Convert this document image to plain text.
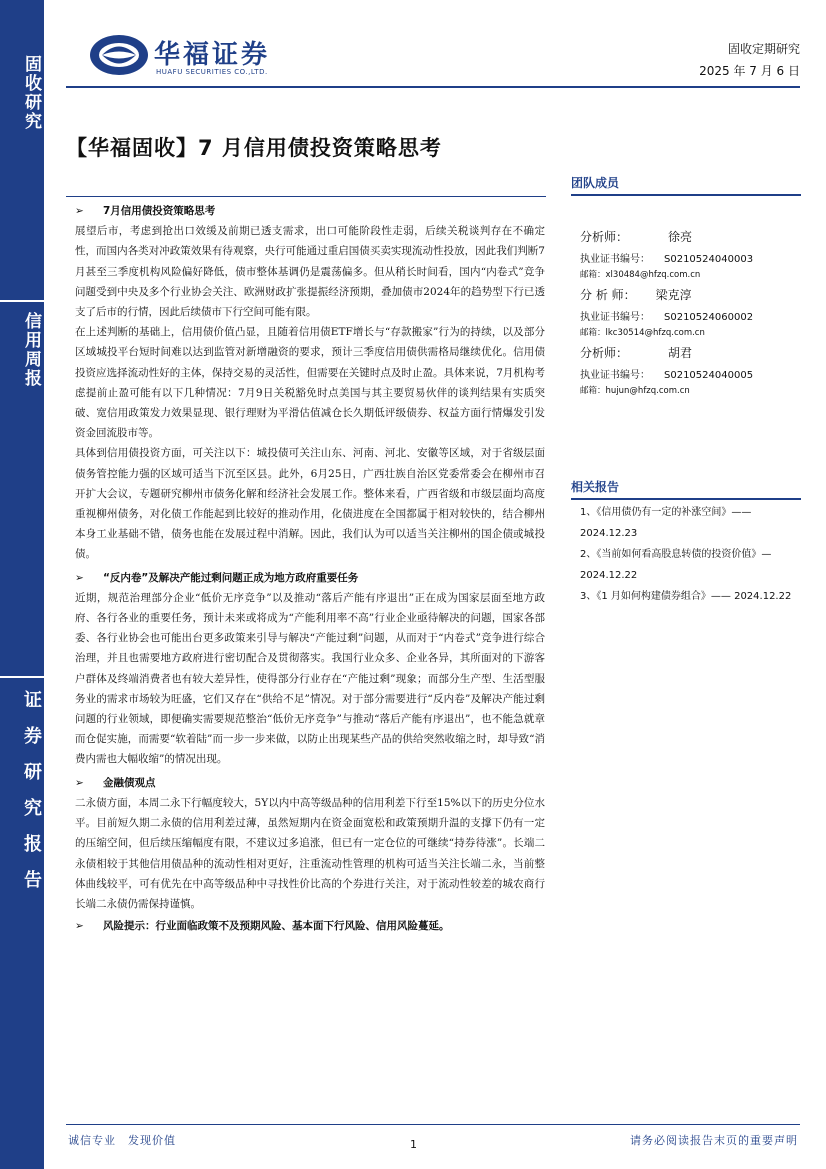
固收研究
信用周报
证券研究报告
华福证券
HUAFU SECURITIES CO.,LTD.
固收定期研究
2025 年 7 月 6 日
【华福固收】7 月信用债投资策略思考
➢ 7月信用债投资策略思考

展望后市，考虑到抢出口效缓及前期已透支需求，出口可能阶段性走弱，后续关税谈判存在不确定性，而国内各类对冲政策效果有待观察，央行可能通过重启国债买卖实现流动性投放，因此我们判断7月甚至三季度机构风险偏好降低，债市整体基调仍是震荡偏多。但从稍长时间看，国内“内卷式”竞争问题受到中央及多个行业协会关注、欧洲财政扩张提振经济预期，叠加债市2024年的趋势型下行已透支了后市的行情，因此后续债市下行空间可能有限。

在上述判断的基础上，信用债价值凸显，且随着信用债ETF增长与“存款搬家”行为的持续，以及部分区域城投平台短时间难以达到监管对新增融资的要求，预计三季度信用债供需格局继续优化。信用债投资应选择流动性好的主体，保持交易的灵活性，但需要在关键时点及时止盈。具体来说，7月机构考虑提前止盈可能有以下几种情况：7月9日关税豁免时点美国与其主要贸易伙伴的谈判结果有实质突破、宽信用政策发力效果显现、银行理财为平滑估值减仓长久期低评级债券、权益方面行情爆发引发资金回流股市等。

具体到信用债投资方面，可关注以下：城投债可关注山东、河南、河北、安徽等区域，对于省级层面债务管控能力强的区域可适当下沉至区县。此外，6月25日，广西壮族自治区党委常委会在柳州市召开扩大会议，专题研究柳州市债务化解和经济社会发展工作。整体来看，广西省级和市级层面均高度重视柳州债务，对化债工作能起到比较好的推动作用，化债进度在全国都属于相对较快的，结合柳州本身工业基础不错，债务也能在发展过程中消解。因此，我们认为可以适当关注柳州的国企债或城投债。

➢ “反内卷”及解决产能过剩问题正成为地方政府重要任务

近期，规范治理部分企业“低价无序竞争”以及推动“落后产能有序退出”正在成为国家层面至地方政府、各行各业的重要任务，预计未来或将成为“产能利用率不高”行业企业亟待解决的问题，国家各部委、各行业协会也可能出台更多政策来引导与解决“产能过剩”问题，从而对于“内卷式”竞争进行综合治理，并且也需要地方政府进行密切配合及贯彻落实。我国行业众多、企业各异，其所面对的下游客户群体及终端消费者也有较大差异性，使得部分行业存在“产能过剩”现象；而部分生产型、生活型服务业的需求市场较为旺盛，它们又存在“供给不足”情况。对于部分需要进行“反内卷”及解决产能过剩问题的行业领域，即便确实需要规范整治“低价无序竞争”与推动“落后产能有序退出”，也不能急就章而仓促实施，而需要“软着陆”而一步一步来做，以防止出现某些产品的供给突然收缩之时，却导致“消费内需也大幅收缩”的情况出现。

➢ 金融债观点

二永债方面，本周二永下行幅度较大，5Y以内中高等级品种的信用利差下行至15%以下的历史分位水平。目前短久期二永债的信用利差过薄，虽然短期内在资金面宽松和政策预期升温的支撑下仍有一定的压缩空间，但后续压缩幅度有限，不建议过多追涨，但已有一定仓位的可继续“持券待涨”。长端二永债相较于其他信用债品种的流动性相对更好，注重流动性管理的机构可适当关注长端二永，当前整体曲线较平，可有优先在中高等级品种中寻找性价比高的个券进行关注，对于流动性较差的城农商行长端二永债仍需保持谨慎。

➢ 风险提示：行业面临政策不及预期风险、基本面下行风险、信用风险蔓延。
团队成员
分析师：	徐亮
执业证书编号： S0210524040003
邮箱：xl30484@hfzq.com.cn
分 析 师： 梁克淳
执业证书编号： S0210524060002
邮箱：lkc30514@hfzq.com.cn
分析师：	胡君
执业证书编号： S0210524040005
邮箱：hujun@hfzq.com.cn
相关报告
1、《信用债仍有一定的补涨空间》—— 2024.12.23
2、《当前如何看高股息转债的投资价值》—2024.12.22
3、《1 月如何构建债券组合》—— 2024.12.22
诚信专业　发现价值	1	请务必阅读报告末页的重要声明
